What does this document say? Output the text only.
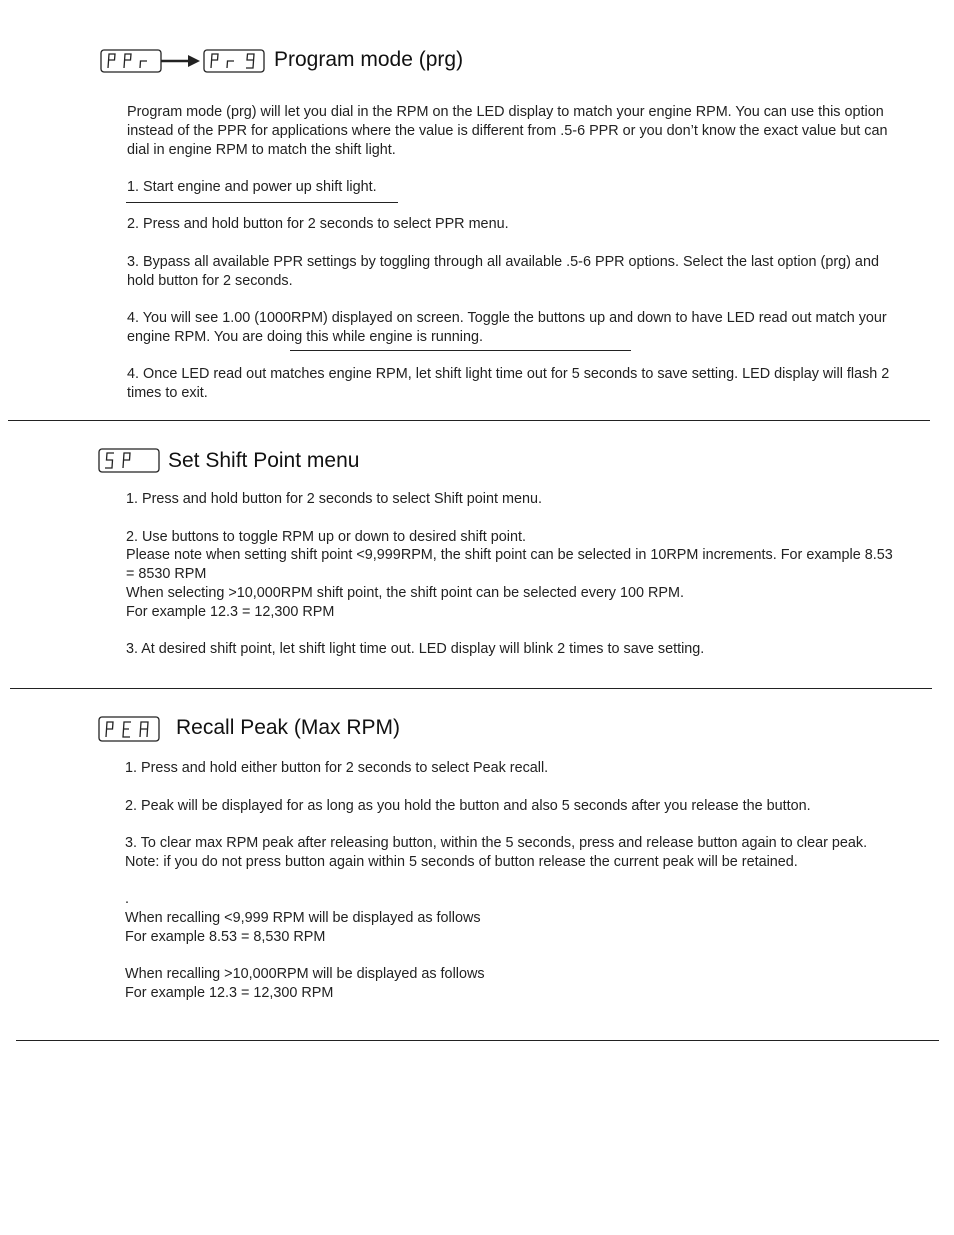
Program mode (prg)

Program mode (prg) will let you dial in the RPM on the LED display to match your engine RPM. You can use this option instead of the PPR for applications where the value is different from .5-6 PPR or you don’t know the exact value but can dial in engine RPM to match the shift light.

1. Start engine and power up shift light.

2. Press and hold button for 2 seconds to select PPR menu.

3. Bypass all available PPR settings by toggling through all available .5-6 PPR options. Select the last option (prg) and hold button for 2 seconds.

4. You will see 1.00 (1000RPM) displayed on screen. Toggle the buttons up and down to have LED read out match your engine RPM. You are doing this while engine is running.

4. Once LED read out matches engine RPM, let shift light time out for 5 seconds to save setting. LED display will flash 2 times to exit.

Set Shift Point menu

1. Press and hold button for 2 seconds to select Shift point menu.

2. Use buttons to toggle RPM up or down to desired shift point.

Please note when setting shift point <9,999RPM, the shift point can be selected in 10RPM increments. For example 8.53 = 8530 RPM

When selecting >10,000RPM shift point, the shift point can be selected every 100 RPM.

For example 12.3 = 12,300 RPM

3. At desired shift point, let shift light time out. LED display will blink 2 times to save setting.

Recall Peak (Max RPM)

1. Press and hold either button for 2 seconds to select Peak recall.

2. Peak will be displayed for as long as you hold the button and also 5 seconds after you release the button.

3. To clear max RPM peak after releasing button, within the 5 seconds, press and release button again to clear peak. Note: if you do not press button again within 5 seconds of button release the current peak will be retained.

.

When recalling <9,999 RPM will be displayed as follows

For example 8.53 = 8,530 RPM

When recalling >10,000RPM will be displayed as follows

For example 12.3 = 12,300 RPM
